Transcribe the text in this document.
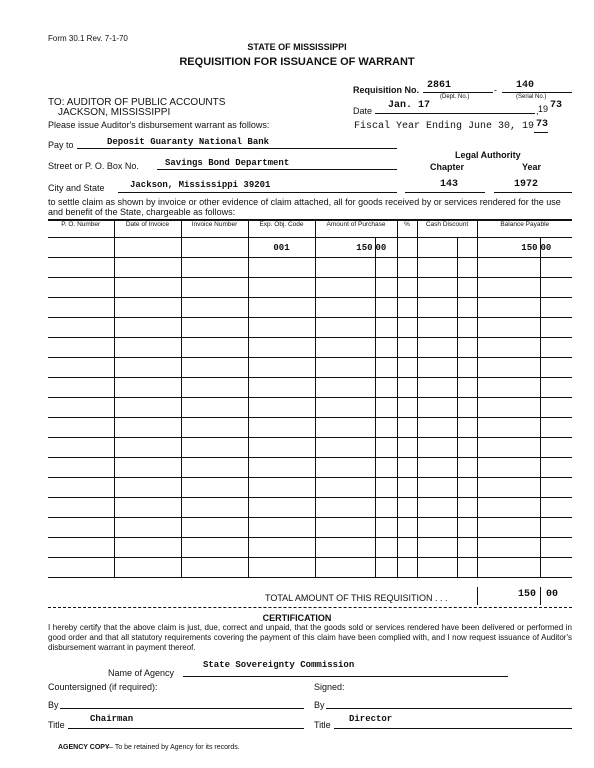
Form 30.1 Rev. 7-1-70
STATE OF MISSISSIPPI
REQUISITION FOR ISSUANCE OF WARRANT
Requisition No. 2861	- 140
(Dept. No.)	(Serial No.)
Date Jan. 17	, 19 73
TO: AUDITOR OF PUBLIC ACCOUNTS
JACKSON, MISSISSIPPI
Please issue Auditor's disbursement warrant as follows:	Fiscal Year Ending June 30, 19 73
Pay to	Deposit Guaranty National Bank
Legal Authority
Chapter	Year
Street or P. O. Box No.	Savings Bond Department
City and State	Jackson, Mississippi 39201	143	1972
to settle claim as shown by invoice or other evidence of claim attached, all for goods received by or services rendered for the use and benefit of the State, chargeable as follows:
P. O. Number	Date of Invoice	Invoice Number	Exp. Obj. Code	Amount of Purchase		%	Cash Discount		Balance Payable	
			001	150	00				150	00

TOTAL AMOUNT OF THIS REQUISITION . . .	150 00
CERTIFICATION
I hereby certify that the above claim is just, due, correct and unpaid, that the goods sold or services rendered have been delivered or performed in good order and that all statutory requirements covering the payment of this claim have been complied with, and I now request issuance of Auditor's disbursement warrant in payment thereof.
Name of Agency
State Sovereignty Commission
Countersigned (if required):	Signed:
By	By
Title
Chairman
Title
Director
AGENCY COPY
— To be retained by Agency for its records.
